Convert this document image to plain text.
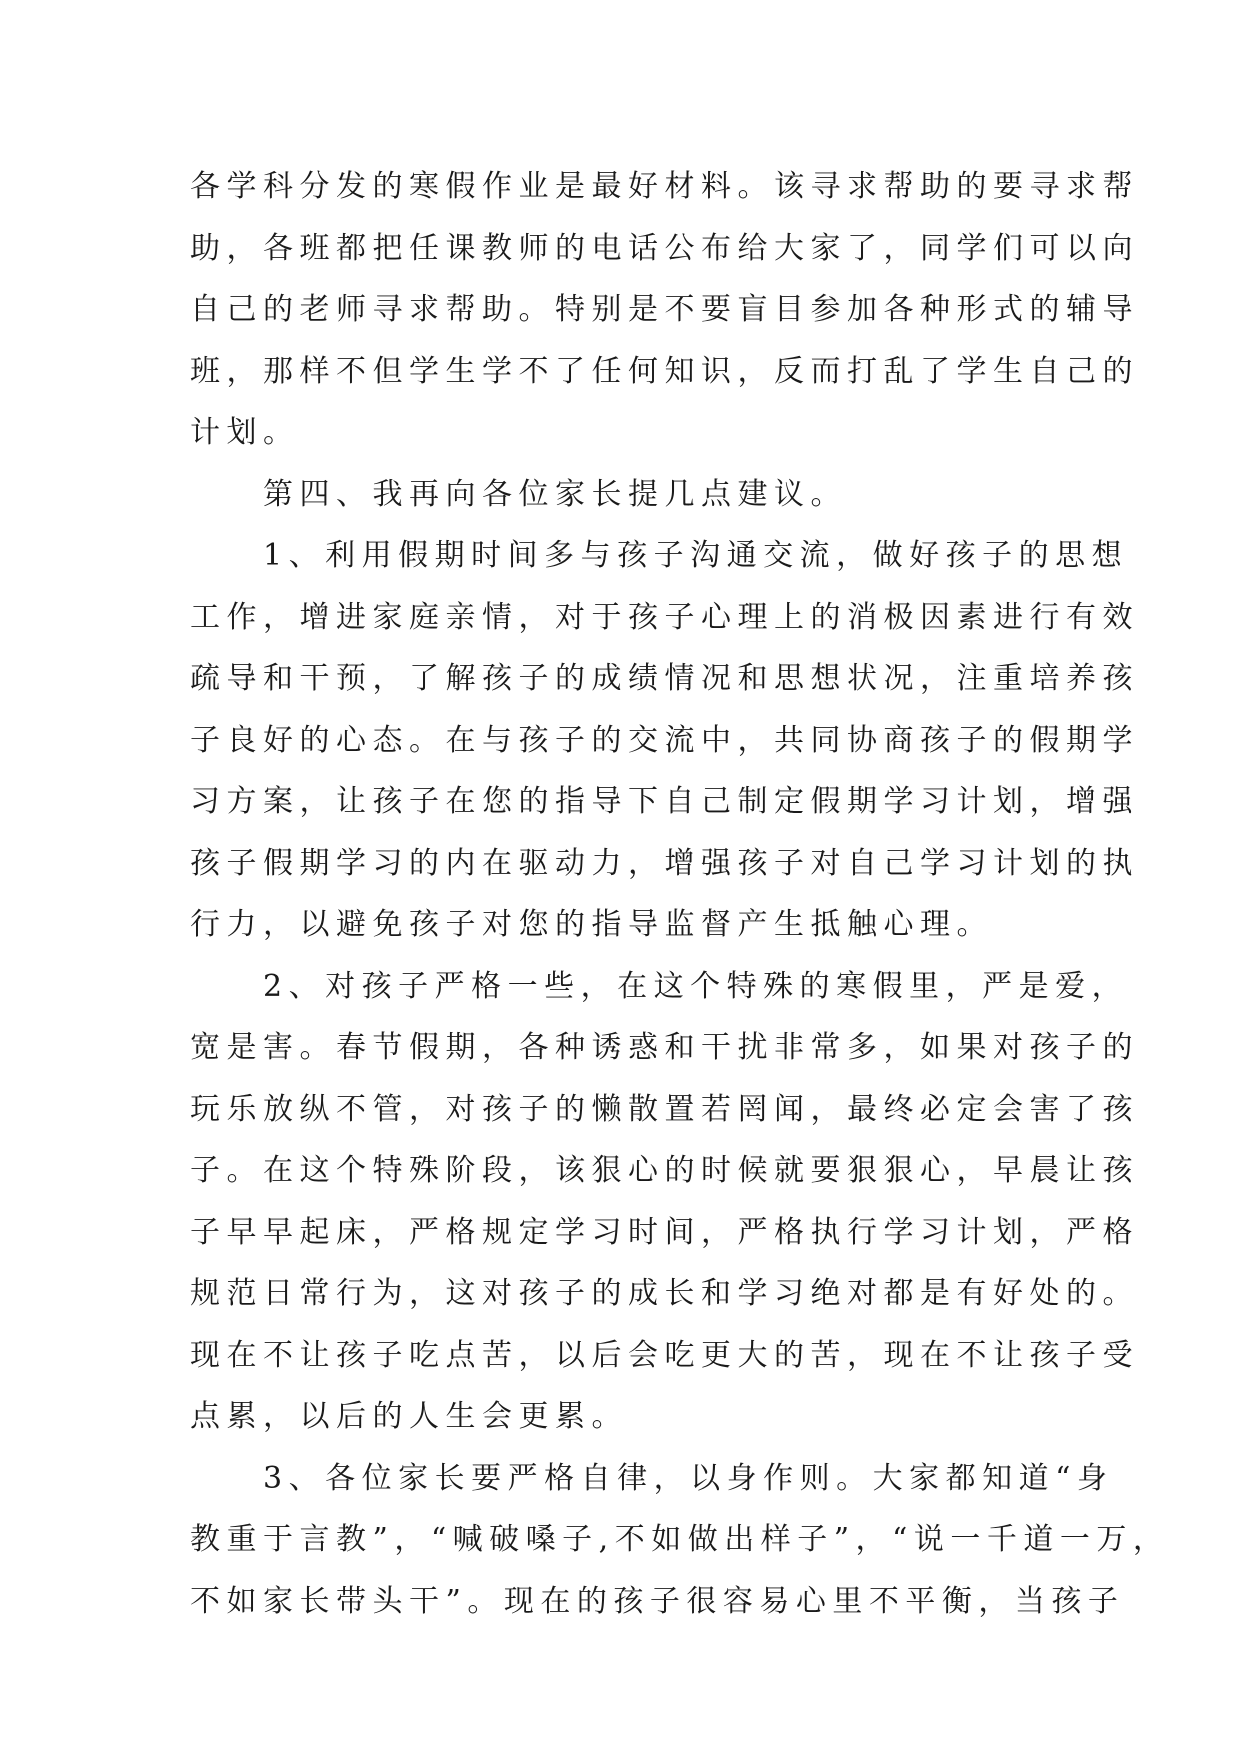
各学科分发的寒假作业是最好材料。该寻求帮助的要寻求帮
助，各班都把任课教师的电话公布给大家了，同学们可以向
自己的老师寻求帮助。特别是不要盲目参加各种形式的辅导
班，那样不但学生学不了任何知识，反而打乱了学生自己的
计划。
　　第四、我再向各位家长提几点建议。
　　1、利用假期时间多与孩子沟通交流，做好孩子的思想
工作，增进家庭亲情，对于孩子心理上的消极因素进行有效
疏导和干预，了解孩子的成绩情况和思想状况，注重培养孩
子良好的心态。在与孩子的交流中，共同协商孩子的假期学
习方案，让孩子在您的指导下自己制定假期学习计划，增强
孩子假期学习的内在驱动力，增强孩子对自己学习计划的执
行力，以避免孩子对您的指导监督产生抵触心理。
　　2、对孩子严格一些，在这个特殊的寒假里，严是爱，
宽是害。春节假期，各种诱惑和干扰非常多，如果对孩子的
玩乐放纵不管，对孩子的懒散置若罔闻，最终必定会害了孩
子。在这个特殊阶段，该狠心的时候就要狠狠心，早晨让孩
子早早起床，严格规定学习时间，严格执行学习计划，严格
规范日常行为，这对孩子的成长和学习绝对都是有好处的。
现在不让孩子吃点苦，以后会吃更大的苦，现在不让孩子受
点累，以后的人生会更累。
　　3、各位家长要严格自律，以身作则。大家都知道“身
教重于言教”，“喊破嗓子,不如做出样子”，“说一千道一万，
不如家长带头干”。现在的孩子很容易心里不平衡，当孩子
